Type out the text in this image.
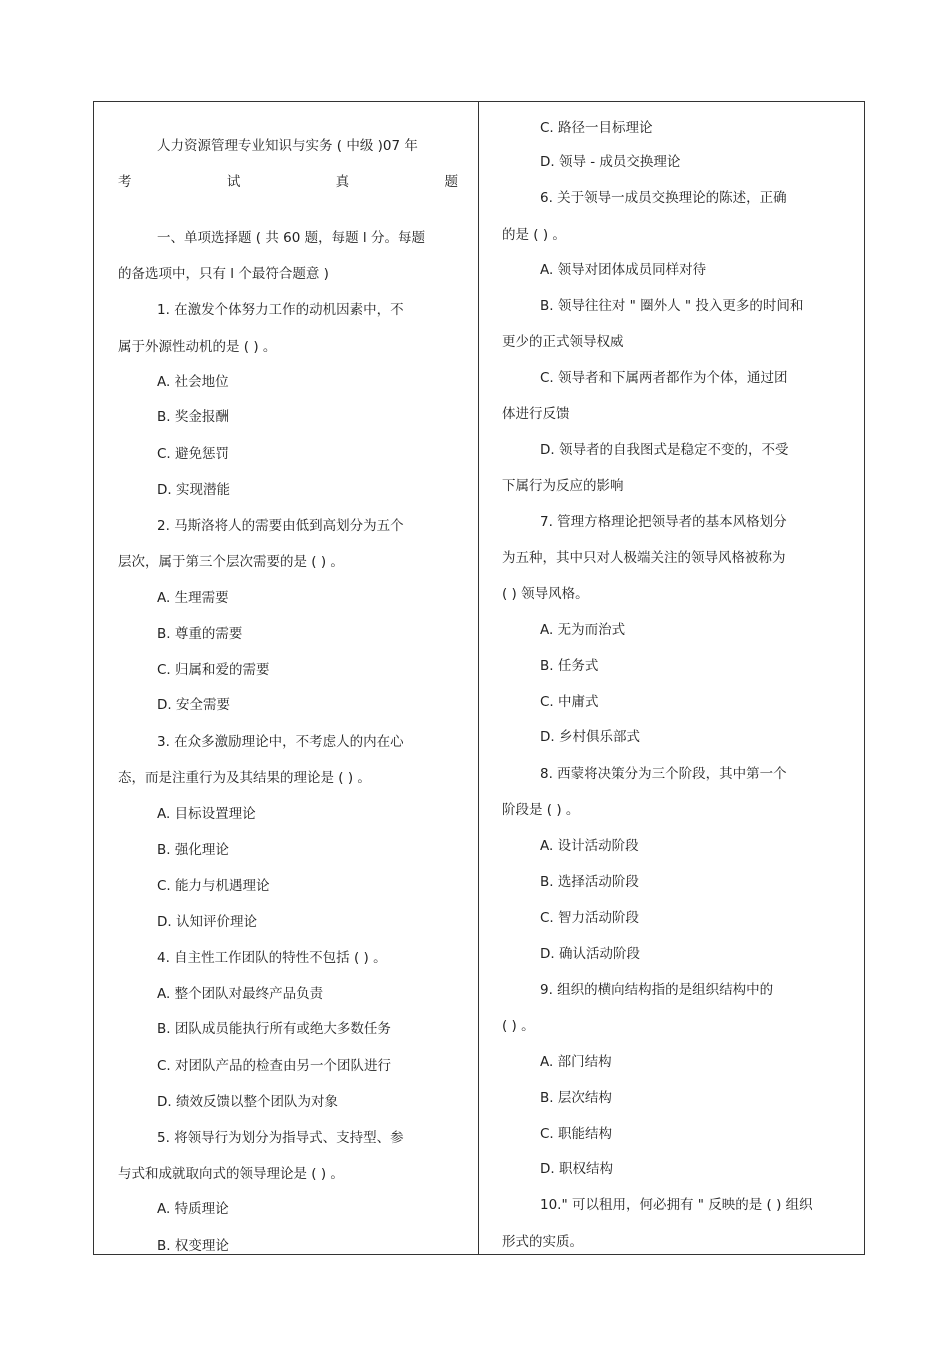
人力资源管理专业知识与实务 ( 中级 )07 年
考	试	真	题
一、单项选择题 ( 共 60 题，每题 l 分。每题
的备选项中，只有 l 个最符合题意 )
1. 在激发个体努力工作的动机因素中，不
属于外源性动机的是 ( ) 。
A. 社会地位
B. 奖金报酬
C. 避免惩罚
D. 实现潜能
2. 马斯洛将人的需要由低到高划分为五个
层次，属于第三个层次需要的是 ( ) 。
A. 生理需要
B. 尊重的需要
C. 归属和爱的需要
D. 安全需要
3. 在众多激励理论中，不考虑人的内在心
态，而是注重行为及其结果的理论是 ( ) 。
A. 目标设置理论
B. 强化理论
C. 能力与机遇理论
D. 认知评价理论
4. 自主性工作团队的特性不包括 ( ) 。
A. 整个团队对最终产品负责
B. 团队成员能执行所有或绝大多数任务
C. 对团队产品的检查由另一个团队进行
D. 绩效反馈以整个团队为对象
5. 将领导行为划分为指导式、支持型、参
与式和成就取向式的领导理论是 ( ) 。
A. 特质理论
B. 权变理论
C. 路径一目标理论
D. 领导 - 成员交换理论
6. 关于领导一成员交换理论的陈述，正确
的是 ( ) 。
A. 领导对团体成员同样对待
B. 领导往往对 " 圈外人 " 投入更多的时间和
更少的正式领导权威
C. 领导者和下属两者都作为个体，通过团
体进行反馈
D. 领导者的自我图式是稳定不变的，不受
下属行为反应的影响
7. 管理方格理论把领导者的基本风格划分
为五种，其中只对人极端关注的领导风格被称为
( ) 领导风格。
A. 无为而治式
B. 任务式
C. 中庸式
D. 乡村俱乐部式
8. 西蒙将决策分为三个阶段，其中第一个
阶段是 ( ) 。
A. 设计活动阶段
B. 选择活动阶段
C. 智力活动阶段
D. 确认活动阶段
9. 组织的横向结构指的是组织结构中的
( ) 。
A. 部门结构
B. 层次结构
C. 职能结构
D. 职权结构
10." 可以租用，何必拥有 " 反映的是 ( ) 组织
形式的实质。
